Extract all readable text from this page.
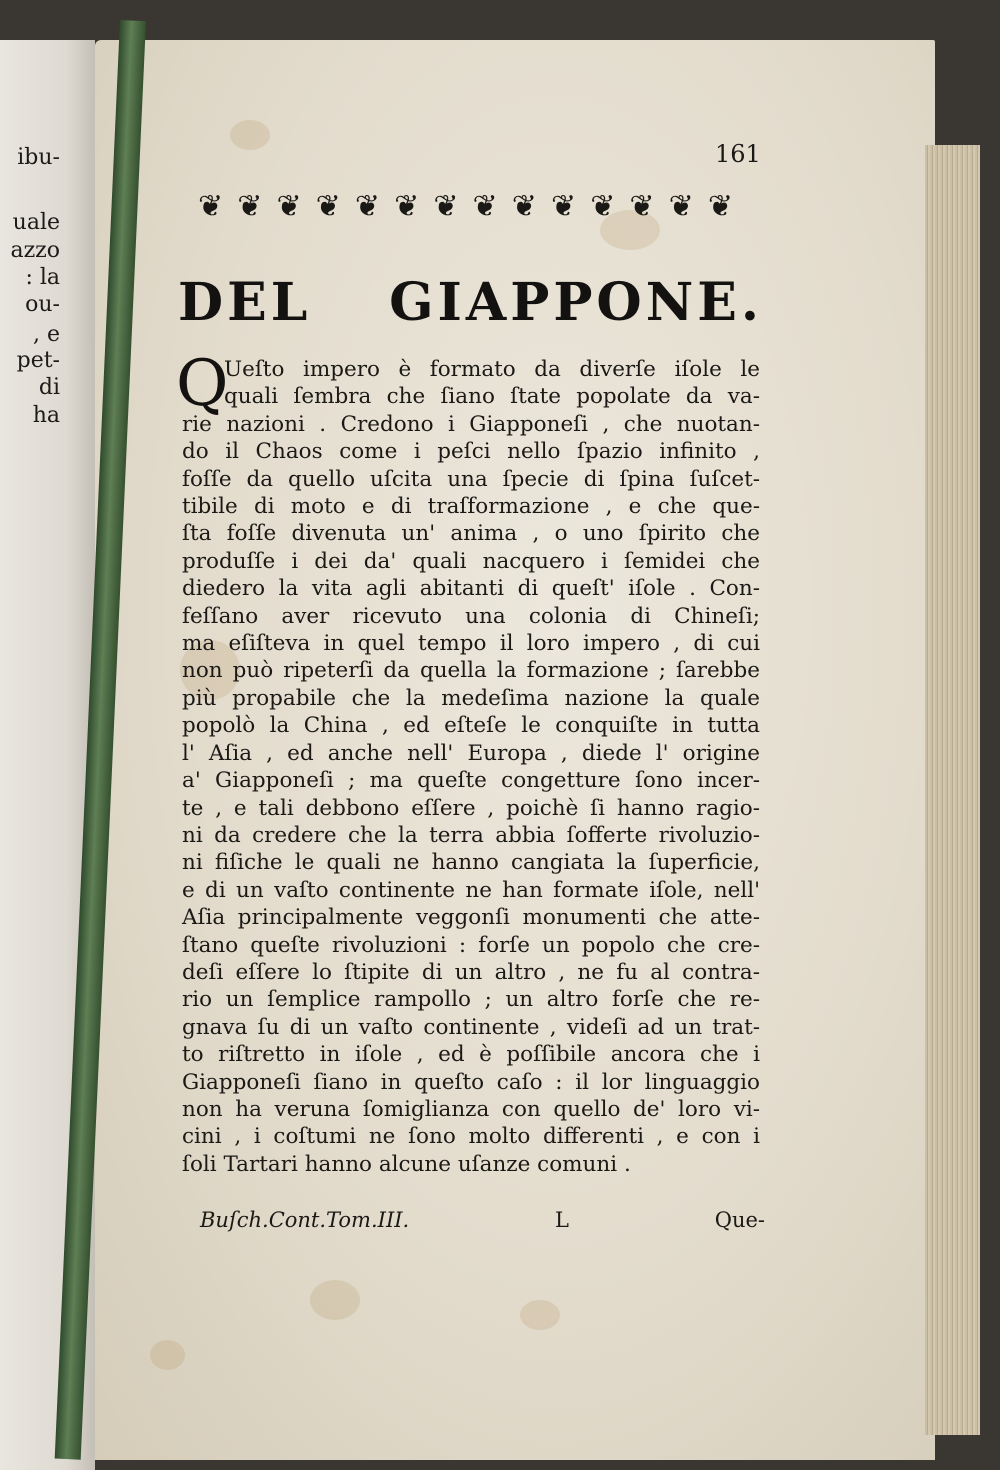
ibu-
uale
azzo
: la
ou-
, e
pet-
di
ha
161
❦ ❦ ❦ ❦ ❦ ❦ ❦ ❦ ❦ ❦ ❦ ❦ ❦ ❦
DEL GIAPPONE.
Q
Ueſto impero è formato da diverſe iſole le
quali ſembra che ſiano ſtate popolate da va-
rie nazioni . Credono i Giapponeſi , che nuotan-
do il Chaos come i peſci nello ſpazio infinito ,
foſſe da quello uſcita una ſpecie di ſpina ſuſcet-
tibile di moto e di traſformazione , e che que-
ſta foſſe divenuta un' anima , o uno ſpirito che
produſſe i dei da' quali nacquero i ſemidei che
diedero la vita agli abitanti di queſt' iſole . Con-
feſſano aver ricevuto una colonia di Chineſi;
ma eſiſteva in quel tempo il loro impero , di cui
non può ripeterſi da quella la formazione ; ſarebbe
più propabile che la medeſima nazione la quale
popolò la China , ed eſteſe le conquiſte in tutta
l' Aſia , ed anche nell' Europa , diede l' origine
a' Giapponeſi ; ma queſte congetture ſono incer-
te , e tali debbono eſſere , poichè ſi hanno ragio-
ni da credere che la terra abbia ſofferte rivoluzio-
ni fiſiche le quali ne hanno cangiata la ſuperficie,
e di un vaſto continente ne han formate iſole, nell'
Aſia principalmente veggonſi monumenti che atte-
ſtano queſte rivoluzioni : forſe un popolo che cre-
deſi eſſere lo ſtipite di un altro , ne fu al contra-
rio un ſemplice rampollo ; un altro forſe che re-
gnava ſu di un vaſto continente , videſi ad un trat-
to riſtretto in iſole , ed è poſſibile ancora che i
Giapponeſi ſiano in queſto caſo : il lor linguaggio
non ha veruna ſomiglianza con quello de' loro vi-
cini , i coſtumi ne ſono molto differenti , e con i
ſoli Tartari hanno alcune uſanze comuni .
Buſch.Cont.Tom.III.	L	Que-
